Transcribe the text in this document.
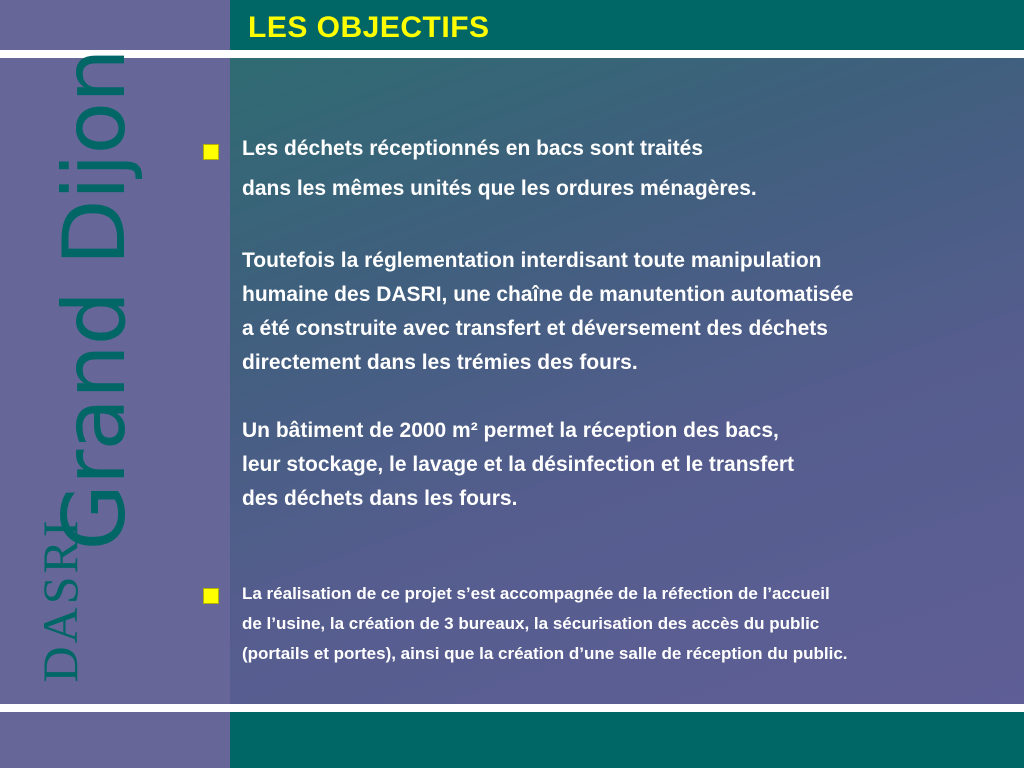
LES OBJECTIFS
Grand Dijon
DASRI

Les déchets réceptionnés en bacs sont traités

dans les mêmes unités que les ordures ménagères.

Toutefois la réglementation interdisant toute manipulation

humaine des DASRI, une chaîne de manutention automatisée

a été construite avec transfert et déversement des déchets

directement dans les trémies des fours.

Un bâtiment de 2000 m² permet la réception des bacs,

leur stockage, le lavage et la désinfection et le transfert

des déchets dans les fours.

La réalisation de ce projet s’est accompagnée de la réfection de l’accueil

de l’usine, la création de 3 bureaux, la sécurisation des accès du public

(portails et portes), ainsi que la création d’une salle de réception du public.
